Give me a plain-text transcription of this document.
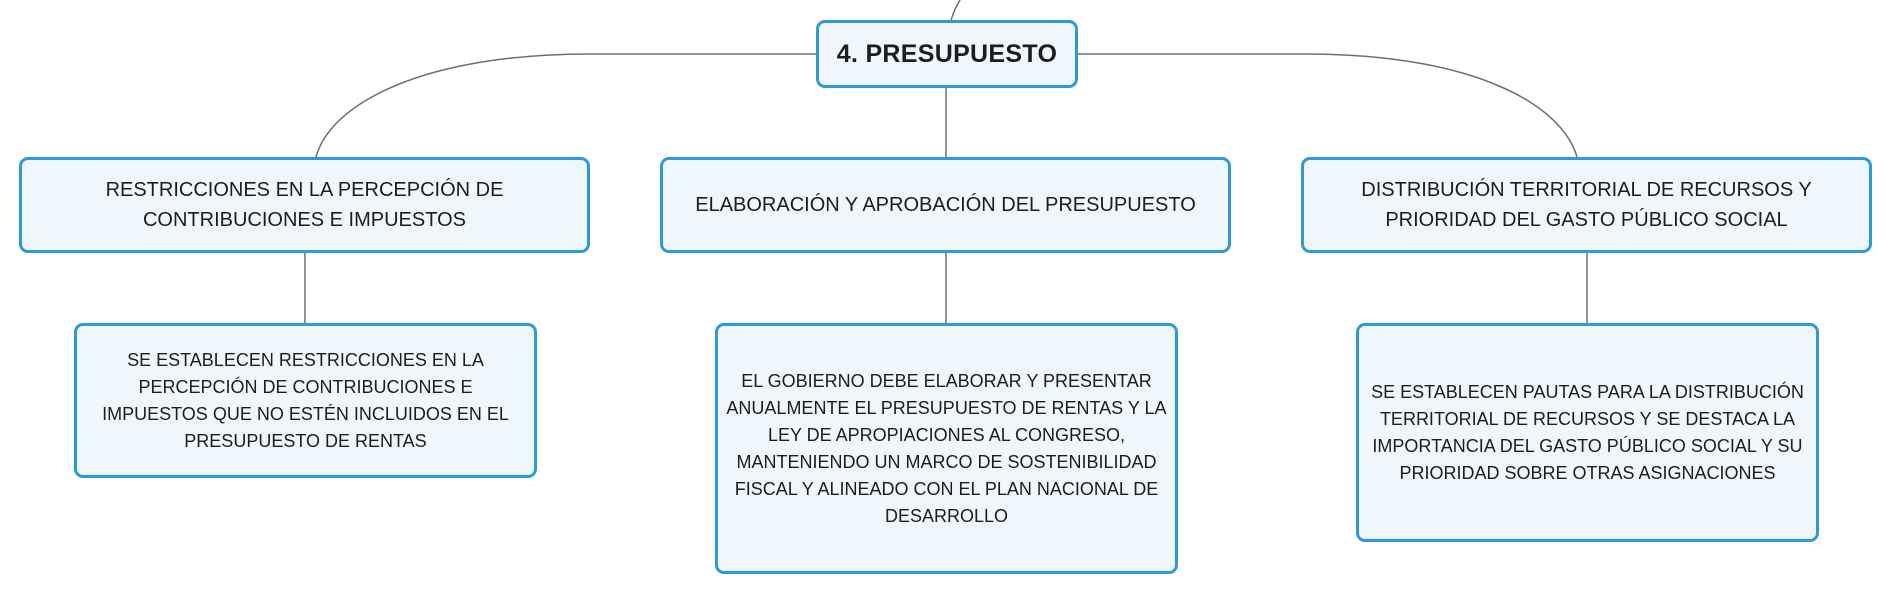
4. PRESUPUESTO
RESTRICCIONES EN LA PERCEPCIÓN DE CONTRIBUCIONES E IMPUESTOS
ELABORACIÓN Y APROBACIÓN DEL PRESUPUESTO
DISTRIBUCIÓN TERRITORIAL DE RECURSOS Y PRIORIDAD DEL GASTO PÚBLICO SOCIAL
SE ESTABLECEN RESTRICCIONES EN LA PERCEPCIÓN DE CONTRIBUCIONES E IMPUESTOS QUE NO ESTÉN INCLUIDOS EN EL PRESUPUESTO DE RENTAS
EL GOBIERNO DEBE ELABORAR Y PRESENTAR ANUALMENTE EL PRESUPUESTO DE RENTAS Y LA LEY DE APROPIACIONES AL CONGRESO, MANTENIENDO UN MARCO DE SOSTENIBILIDAD FISCAL Y ALINEADO CON EL PLAN NACIONAL DE DESARROLLO
SE ESTABLECEN PAUTAS PARA LA DISTRIBUCIÓN TERRITORIAL DE RECURSOS Y SE DESTACA LA IMPORTANCIA DEL GASTO PÚBLICO SOCIAL Y SU PRIORIDAD SOBRE OTRAS ASIGNACIONES
